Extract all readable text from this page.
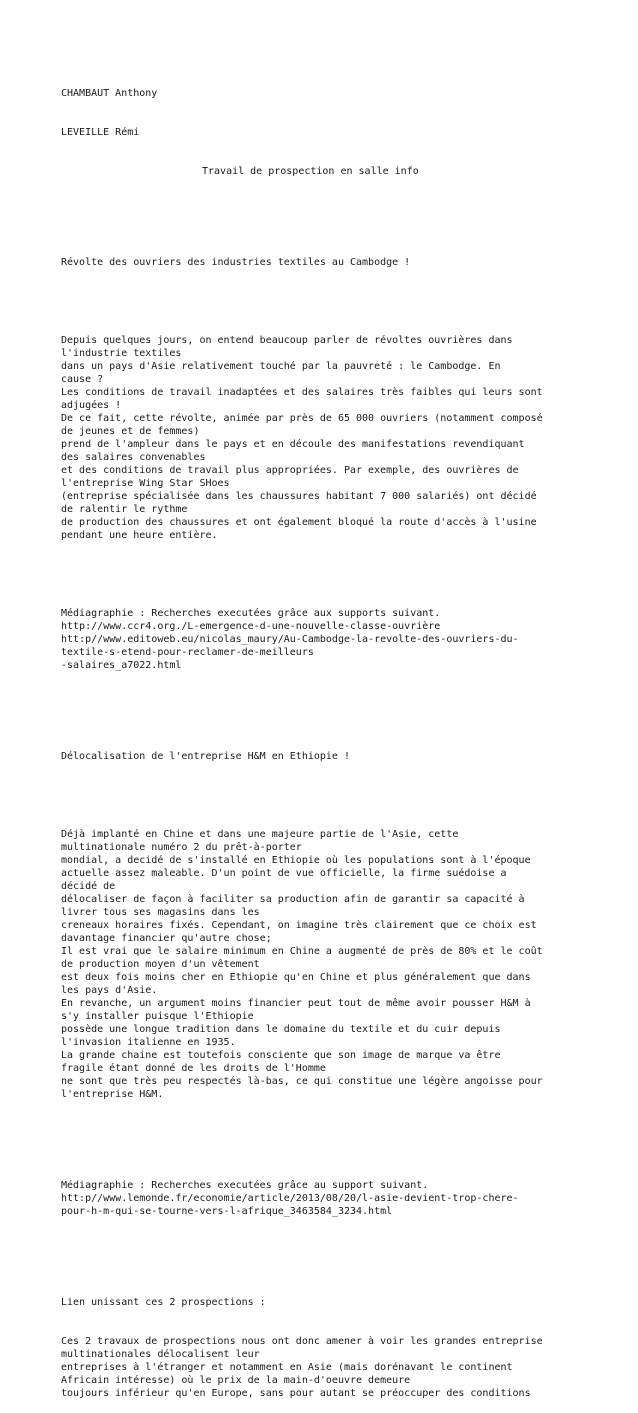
CHAMBAUT Anthony

LEVEILLE Rémi

Travail de prospection en salle info

Révolte des ouvriers des industries textiles au Cambodge !

Depuis quelques jours, on entend beaucoup parler de révoltes ouvrières dans
l'industrie textiles
dans un pays d'Asie relativement touché par la pauvreté : le Cambodge. En
cause ?
Les conditions de travail inadaptées et des salaires très faibles qui leurs sont
adjugées !
De ce fait, cette révolte, animée par près de 65 000 ouvriers (notamment composé
de jeunes et de femmes)
prend de l'ampleur dans le pays et en découle des manifestations revendiquant
des salaires convenables
et des conditions de travail plus appropriées. Par exemple, des ouvrières de
l'entreprise Wing Star SHoes
(entreprise spécialisée dans les chaussures habitant 7 000 salariés) ont décidé
de ralentir le rythme
de production des chaussures et ont également bloqué la route d'accès à l'usine
pendant une heure entière.

Médiagraphie : Recherches executées grâce aux supports suivant.
http://www.ccr4.org./L-emergence-d-une-nouvelle-classe-ouvrière
htt:p//www.editoweb.eu/nicolas_maury/Au-Cambodge-la-revolte-des-ouvriers-du-
textile-s-etend-pour-reclamer-de-meilleurs
-salaires_a7022.html

Délocalisation de l'entreprise H&M en Ethiopie !

Déjà implanté en Chine et dans une majeure partie de l'Asie, cette
multinationale numéro 2 du prêt-à-porter
mondial, a decidé de s'installé en Ethiopie où les populations sont à l'époque
actuelle assez maleable. D'un point de vue officielle, la firme suédoise a
décidé de
délocaliser de façon à faciliter sa production afin de garantir sa capacité à
livrer tous ses magasins dans les
creneaux horaires fixés. Cependant, on imagine très clairement que ce choix est
davantage financier qu'autre chose;
Il est vrai que le salaire minimum en Chine a augmenté de près de 80% et le coût
de production moyen d'un vêtement
est deux fois moins cher en Ethiopie qu'en Chine et plus généralement que dans
les pays d'Asie.
En revanche, un argument moins financier peut tout de même avoir pousser H&M à
s'y installer puisque l'Ethiopie
possède une longue tradition dans le domaine du textile et du cuir depuis
l'invasion italienne en 1935.
La grande chaine est toutefois consciente que son image de marque va être
fragile étant donné de les droits de l'Homme
ne sont que très peu respectés là-bas, ce qui constitue une légère angoisse pour
l'entreprise H&M.

Médiagraphie : Recherches executées grâce au support suivant.
htt:p//www.lemonde.fr/economie/article/2013/08/20/l-asie-devient-trop-chere-
pour-h-m-qui-se-tourne-vers-l-afrique_3463584_3234.html

Lien unissant ces 2 prospections :

Ces 2 travaux de prospections nous ont donc amener à voir les grandes entreprise
multinationales délocalisent leur
entreprises à l'étranger et notamment en Asie (mais dorénavant le continent
Africain intéresse) où le prix de la main-d'oeuvre demeure
toujours inférieur qu'en Europe, sans pour autant se préoccuper des conditions
